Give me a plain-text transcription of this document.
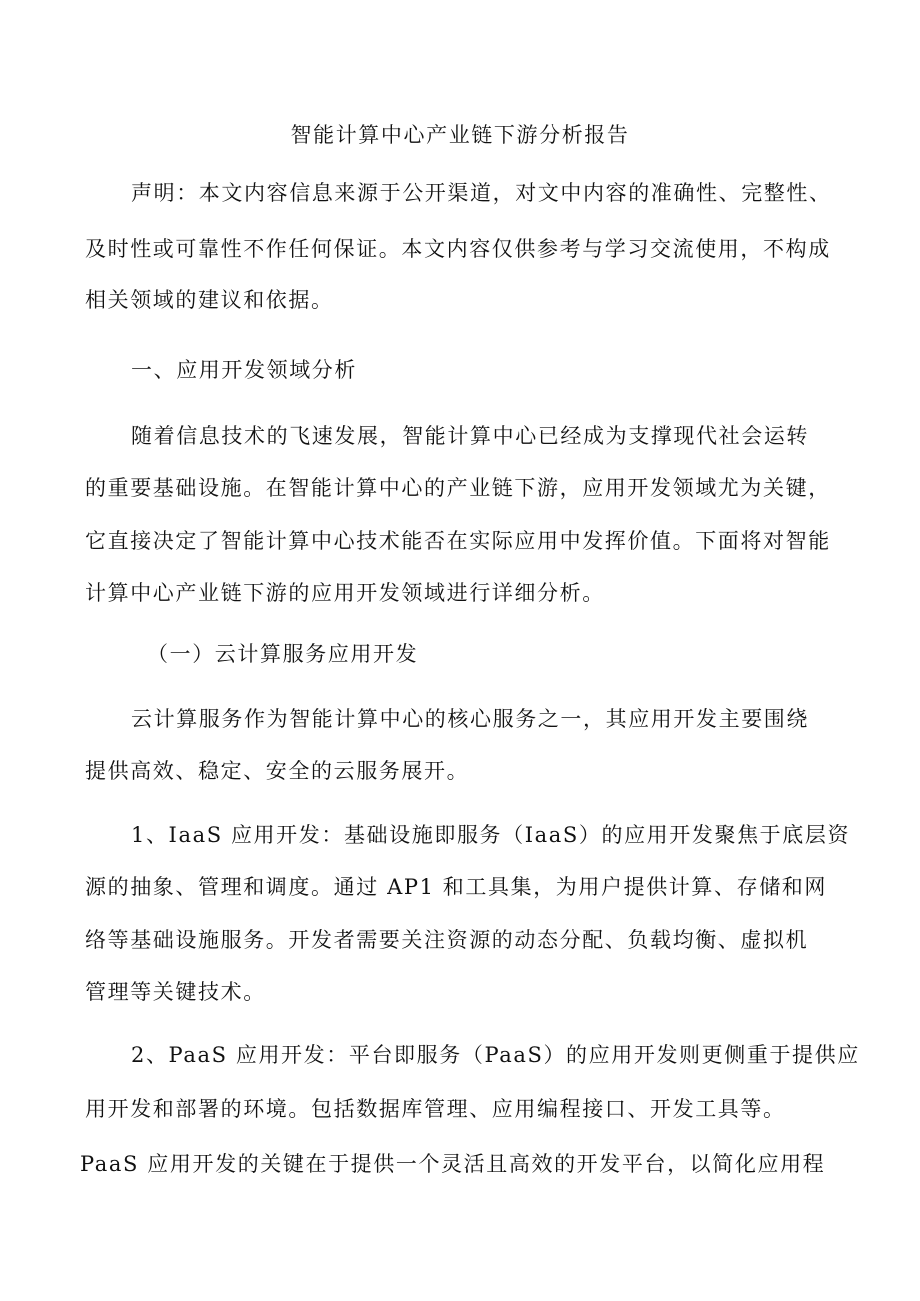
智能计算中心产业链下游分析报告
声明：本文内容信息来源于公开渠道，对文中内容的准确性、完整性、
及时性或可靠性不作任何保证。本文内容仅供参考与学习交流使用，不构成
相关领域的建议和依据。
一、应用开发领域分析
随着信息技术的飞速发展，智能计算中心已经成为支撑现代社会运转
的重要基础设施。在智能计算中心的产业链下游，应用开发领域尤为关键，
它直接决定了智能计算中心技术能否在实际应用中发挥价值。下面将对智能
计算中心产业链下游的应用开发领域进行详细分析。
（一）云计算服务应用开发
云计算服务作为智能计算中心的核心服务之一，其应用开发主要围绕
提供高效、稳定、安全的云服务展开。
1、IaaS 应用开发：基础设施即服务（IaaS）的应用开发聚焦于底层资
源的抽象、管理和调度。通过 AP1 和工具集，为用户提供计算、存储和网
络等基础设施服务。开发者需要关注资源的动态分配、负载均衡、虚拟机
管理等关键技术。
2、PaaS 应用开发：平台即服务（PaaS）的应用开发则更侧重于提供应
用开发和部署的环境。包括数据库管理、应用编程接口、开发工具等。
PaaS 应用开发的关键在于提供一个灵活且高效的开发平台，以简化应用程
